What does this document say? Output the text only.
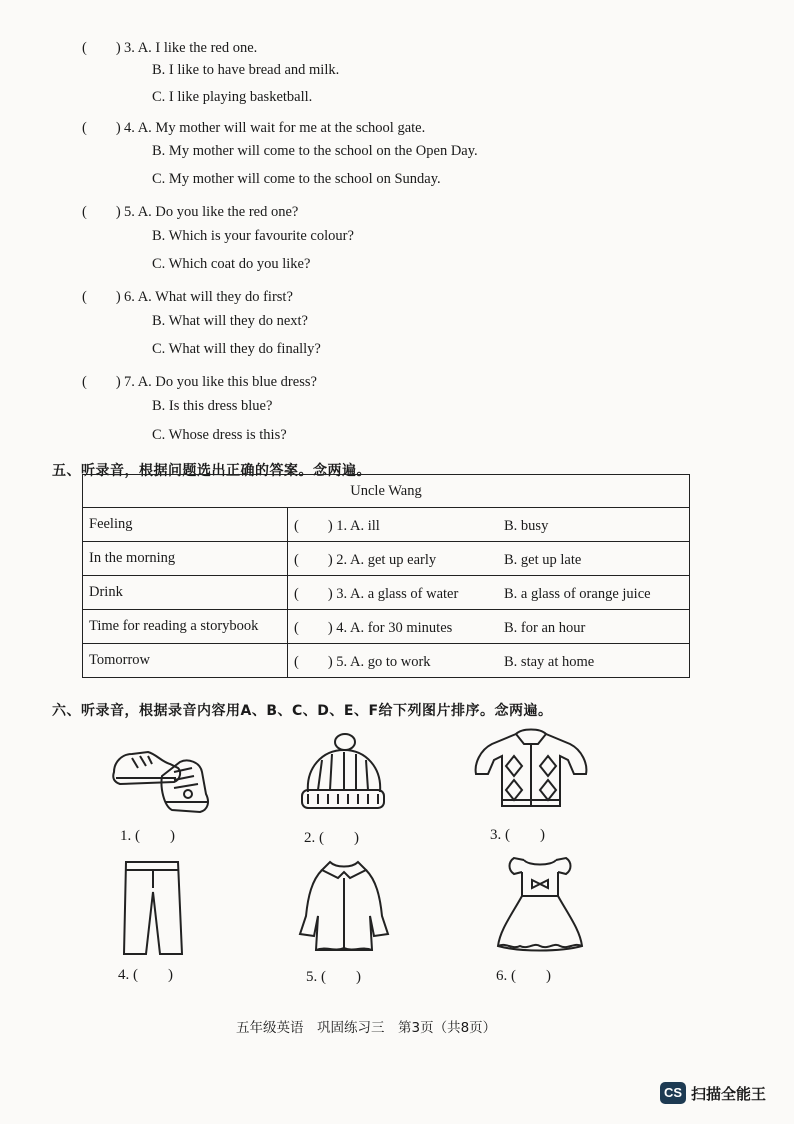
(　　) 3. A. I like the red one.
B. I like to have bread and milk.
C. I like playing basketball.
(　　) 4. A. My mother will wait for me at the school gate.
B. My mother will come to the school on the Open Day.
C. My mother will come to the school on Sunday.
(　　) 5. A. Do you like the red one?
B. Which is your favourite colour?
C. Which coat do you like?
(　　) 6. A. What will they do first?
B. What will they do next?
C. What will they do finally?
(　　) 7. A. Do you like this blue dress?
B. Is this dress blue?
C. Whose dress is this?
五、听录音，根据问题选出正确的答案。念两遍。
Uncle Wang	
Feeling	(　　) 1. A. ill B. busy
In the morning	(　　) 2. A. get up early B. get up late
Drink	(　　) 3. A. a glass of water B. a glass of orange juice
Time for reading a storybook	(　　) 4. A. for 30 minutes B. for an hour
Tomorrow	(　　) 5. A. go to work B. stay at home
六、听录音，根据录音内容用A、B、C、D、E、F给下列图片排序。念两遍。
1. (　　)	2. (　　)	3. (　　)
4. (　　)	5. (　　)	6. (　　)
五年级英语　巩固练习三　第3页（共8页）
CS 扫描全能王
